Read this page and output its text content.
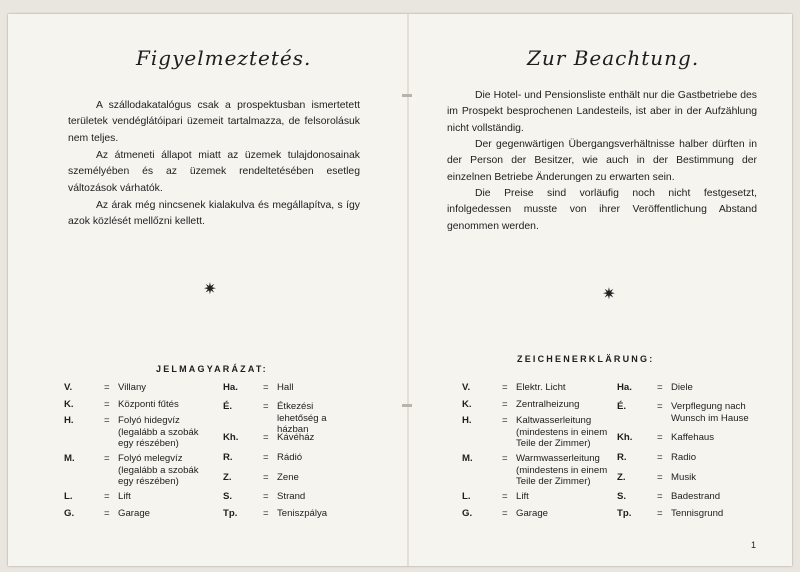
Figyelmeztetés.

A szállodakatalógus csak a prospektusban ismertetett területek vendéglátóipari üzemeit tartalmazza, de felsorolásuk nem teljes.

Az átmeneti állapot miatt az üzemek tulajdonosainak személyében és az üzemek rendeltetésében esetleg változások várhatók.

Az árak még nincsenek kialakulva és megállapítva, s így azok közlését mellőzni kellett.

✷

JELMAGYARÁZAT:

V.	= Villany
K.	= Központi fűtés
H.	= Folyó hidegvíz (legalább a szobák egy részében)
M.	= Folyó melegvíz (legalább a szobák egy részében)
L.	= Lift
G.	= Garage
Ha.	= Hall
É.	= Étkezési lehetőség a házban
Kh.	= Kávéház
R.	= Rádió
Z.	= Zene
S.	= Strand
Tp.	= Teniszpálya
Zur Beachtung.

Die Hotel- und Pensionsliste enthält nur die Gastbetriebe des im Prospekt besprochenen Landesteils, ist aber in der Aufzählung nicht vollständig.

Der gegenwärtigen Übergangsverhältnisse halber dürften in der Person der Besitzer, wie auch in der Bestimmung der einzelnen Betriebe Änderungen zu erwarten sein.

Die Preise sind vorläufig noch nicht festgesetzt, infolgedessen musste von ihrer Veröffentlichung Abstand genommen werden.

✷

ZEICHENERKLÄRUNG:

V.	= Elektr. Licht
K.	= Zentralheizung
H.	= Kaltwasserleitung (mindestens in einem Teile der Zimmer)
M.	= Warmwasserleitung (mindestens in einem Teile der Zimmer)
L.	= Lift
G.	= Garage
Ha.	= Diele
É.	= Verpflegung nach Wunsch im Hause
Kh.	= Kaffehaus
R.	= Radio
Z.	= Musik
S.	= Badestrand
Tp.	= Tennisgrund
1
